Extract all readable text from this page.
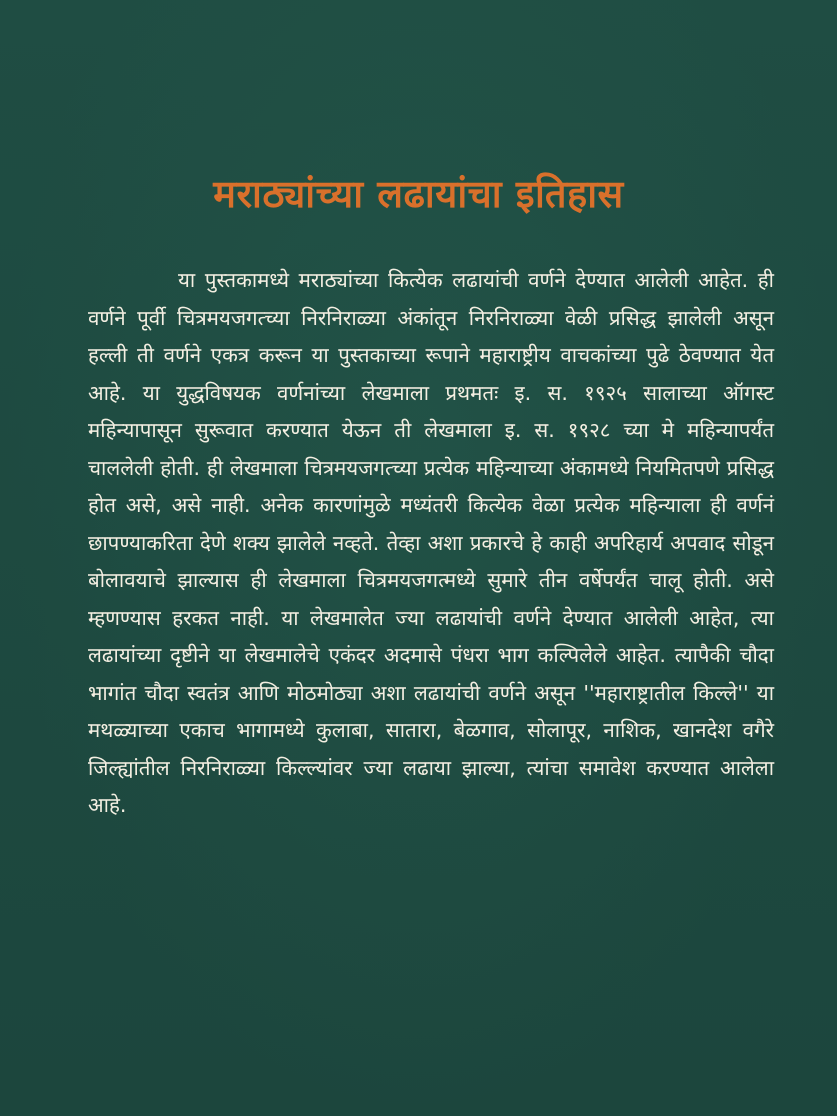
मराठ्यांच्या लढायांचा इतिहास

या पुस्तकामध्ये मराठ्यांच्या कित्येक लढायांची वर्णने देण्यात आलेली आहेत. ही वर्णने पूर्वी चित्रमयजगत्च्या निरनिराळ्या अंकांतून निरनिराळ्या वेळी प्रसिद्ध झालेली असून हल्ली ती वर्णने एकत्र करून या पुस्तकाच्या रूपाने महाराष्ट्रीय वाचकांच्या पुढे ठेवण्यात येत आहे. या युद्धविषयक वर्णनांच्या लेखमाला प्रथमतः इ. स. १९२५ सालाच्या ऑगस्ट महिन्यापासून सुरूवात करण्यात येऊन ती लेखमाला इ. स. १९२८ च्या मे महिन्यापर्यंत चाललेली होती. ही लेखमाला चित्रमयजगत्च्या प्रत्येक महिन्याच्या अंकामध्ये नियमितपणे प्रसिद्ध होत असे, असे नाही. अनेक कारणांमुळे मध्यंतरी कित्येक वेळा प्रत्येक महिन्याला ही वर्णनं छापण्याकरिता देणे शक्य झालेले नव्हते. तेव्हा अशा प्रकारचे हे काही अपरिहार्य अपवाद सोडून बोलावयाचे झाल्यास ही लेखमाला चित्रमयजगत्मध्ये सुमारे तीन वर्षेपर्यंत चालू होती. असे म्हणण्यास हरकत नाही. या लेखमालेत ज्या लढायांची वर्णने देण्यात आलेली आहेत, त्या लढायांच्या दृष्टीने या लेखमालेचे एकंदर अदमासे पंधरा भाग कल्पिलेले आहेत. त्यापैकी चौदा भागांत चौदा स्वतंत्र आणि मोठमोठ्या अशा लढायांची वर्णने असून ''महाराष्ट्रातील किल्ले'' या मथळ्याच्या एकाच भागामध्ये कुलाबा, सातारा, बेळगाव, सोलापूर, नाशिक, खानदेश वगैरे जिल्ह्यांतील निरनिराळ्या किल्ल्यांवर ज्या लढाया झाल्या, त्यांचा समावेश करण्यात आलेला आहे.
